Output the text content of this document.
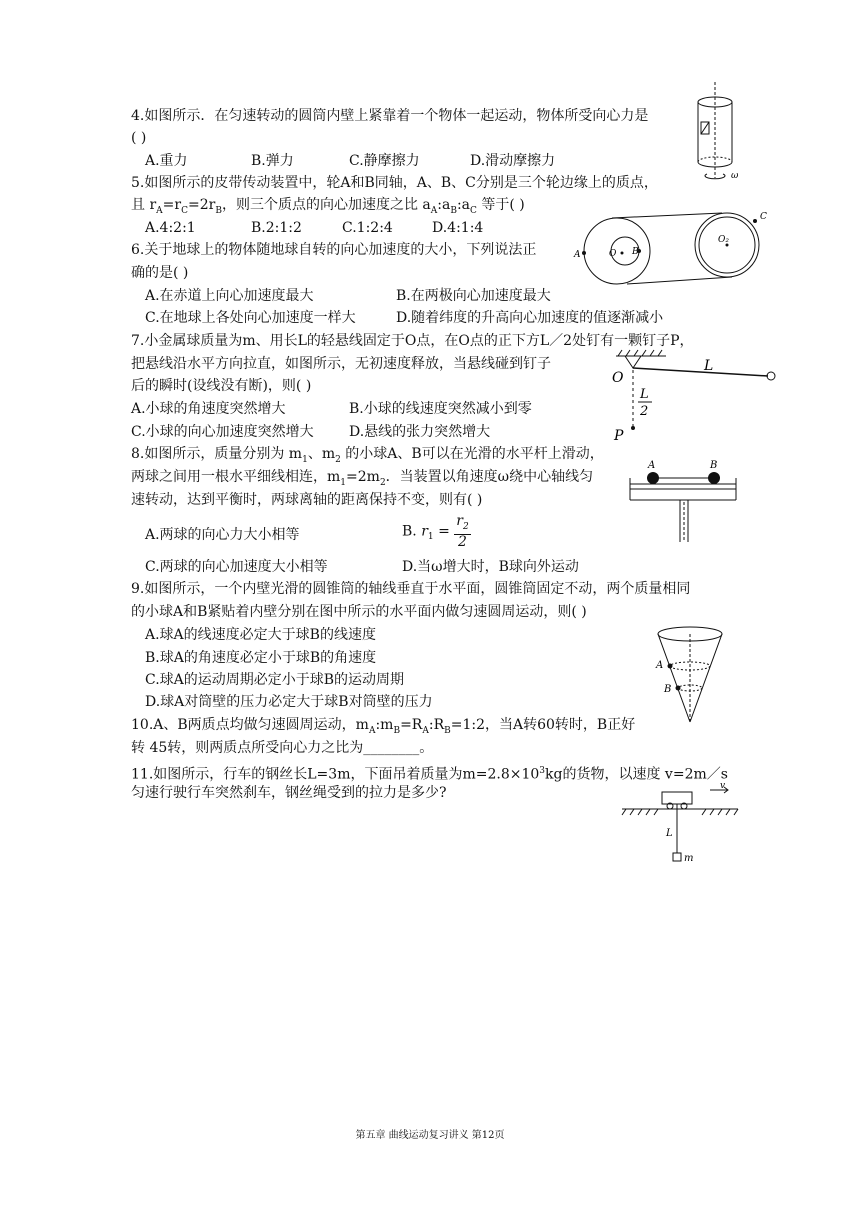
4.如图所示．在匀速转动的圆筒内壁上紧靠着一个物体一起运动，物体所受向心力是
( )
A.重力	B.弹力	C.静摩擦力	D.滑动摩擦力
ω
5.如图所示的皮带传动装置中，轮A和B同轴，A、B、C分别是三个轮边缘上的质点，
且 $r_A=r_C=2r_B$，则三个质点的向心加速度之比 $a_A:a_B:a_C$ 等于( )
A.4:2:1	B.2:1:2	C.1:2:4	D.4:1:4
A	O B
O₂
C
6.关于地球上的物体随地球自转的向心加速度的大小，下列说法正
确的是( )
A.在赤道上向心加速度最大	B.在两极向心加速度最大
C.在地球上各处向心加速度一样大	D.随着纬度的升高向心加速度的值逐渐减小
7.小金属球质量为m、用长L的轻悬线固定于O点，在O点的正下方L／2处钉有一颗钉子P，
把悬线沿水平方向拉直，如图所示，无初速度释放，当悬线碰到钉子
后的瞬时(设线没有断)，则( )
A.小球的角速度突然增大	B.小球的线速度突然减小到零
C.小球的向心加速度突然增大	D.悬线的张力突然增大
O
L
L
2
P
8.如图所示，质量分别为 $m_1$、$m_2$ 的小球A、B可以在光滑的水平杆上滑动，
两球之间用一根水平细线相连，$m_1=2m_2$．当装置以角速度ω绕中心轴线匀
速转动，达到平衡时，两球离轴的距离保持不变，则有( )
A.两球的向心力大小相等	B. $r_1 = \frac{r_2}{2}$
C.两球的向心加速度大小相等	D.当ω增大时，B球向外运动
A	B
9.如图所示，一个内壁光滑的圆锥筒的轴线垂直于水平面，圆锥筒固定不动，两个质量相同
的小球A和B紧贴着内壁分别在图中所示的水平面内做匀速圆周运动，则( )
A.球A的线速度必定大于球B的线速度
B.球A的角速度必定小于球B的角速度
C.球A的运动周期必定小于球B的运动周期
D.球A对筒壁的压力必定大于球B对筒壁的压力
A
B
10.A、B两质点均做匀速圆周运动，$m_A:m_B=R_A:R_B=1:2$，当A转60转时，B正好
转 45转，则两质点所受向心力之比为________。
11.如图所示，行车的钢丝长L=3m，下面吊着质量为$m=2.8\times 10^3kg$的货物，以速度 v=2m／s
匀速行驶行车突然刹车，钢丝绳受到的拉力是多少?	v
L
m
第五章 曲线运动复习讲义 第12页
